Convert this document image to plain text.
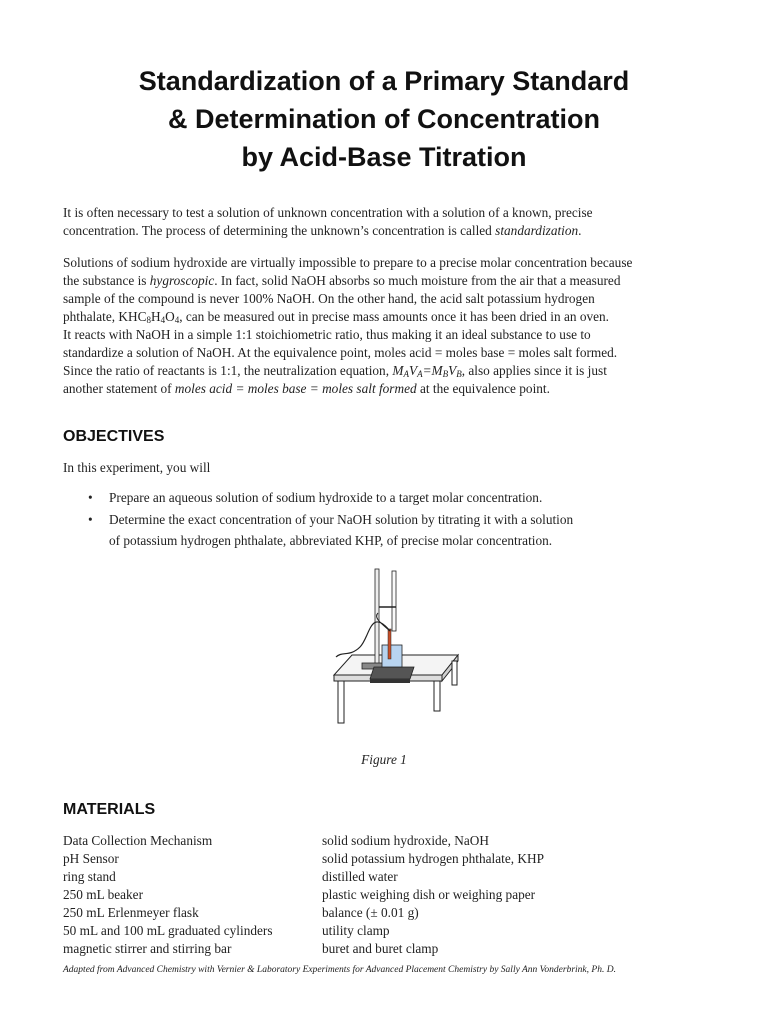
Standardization of a Primary Standard
& Determination of Concentration
by Acid-Base Titration
It is often necessary to test a solution of unknown concentration with a solution of a known, precise
concentration. The process of determining the unknown’s concentration is called standardization.
Solutions of sodium hydroxide are virtually impossible to prepare to a precise molar concentration because
the substance is hygroscopic. In fact, solid NaOH absorbs so much moisture from the air that a measured
sample of the compound is never 100% NaOH. On the other hand, the acid salt potassium hydrogen
phthalate, $KHC_8H_4O_4$, can be measured out in precise mass amounts once it has been dried in an oven.
It reacts with NaOH in a simple 1:1 stoichiometric ratio, thus making it an ideal substance to use to
standardize a solution of NaOH. At the equivalence point, moles acid = moles base = moles salt formed.
Since the ratio of reactants is 1:1, the neutralization equation, $M_AV_A=M_BV_B$, also applies since it is just
another statement of moles acid = moles base = moles salt formed at the equivalence point.
OBJECTIVES
In this experiment, you will
• Prepare an aqueous solution of sodium hydroxide to a target molar concentration.
• Determine the exact concentration of your NaOH solution by titrating it with a solution
of potassium hydrogen phthalate, abbreviated KHP, of precise molar concentration.
Figure 1
MATERIALS
Data Collection Mechanism
pH Sensor
ring stand
250 mL beaker
250 mL Erlenmeyer flask
50 mL and 100 mL graduated cylinders
magnetic stirrer and stirring bar
solid sodium hydroxide, NaOH
solid potassium hydrogen phthalate, KHP
distilled water
plastic weighing dish or weighing paper
balance (± 0.01 g)
utility clamp
buret and buret clamp
Adapted from Advanced Chemistry with Vernier & Laboratory Experiments for Advanced Placement Chemistry by Sally Ann Vonderbrink, Ph. D.
